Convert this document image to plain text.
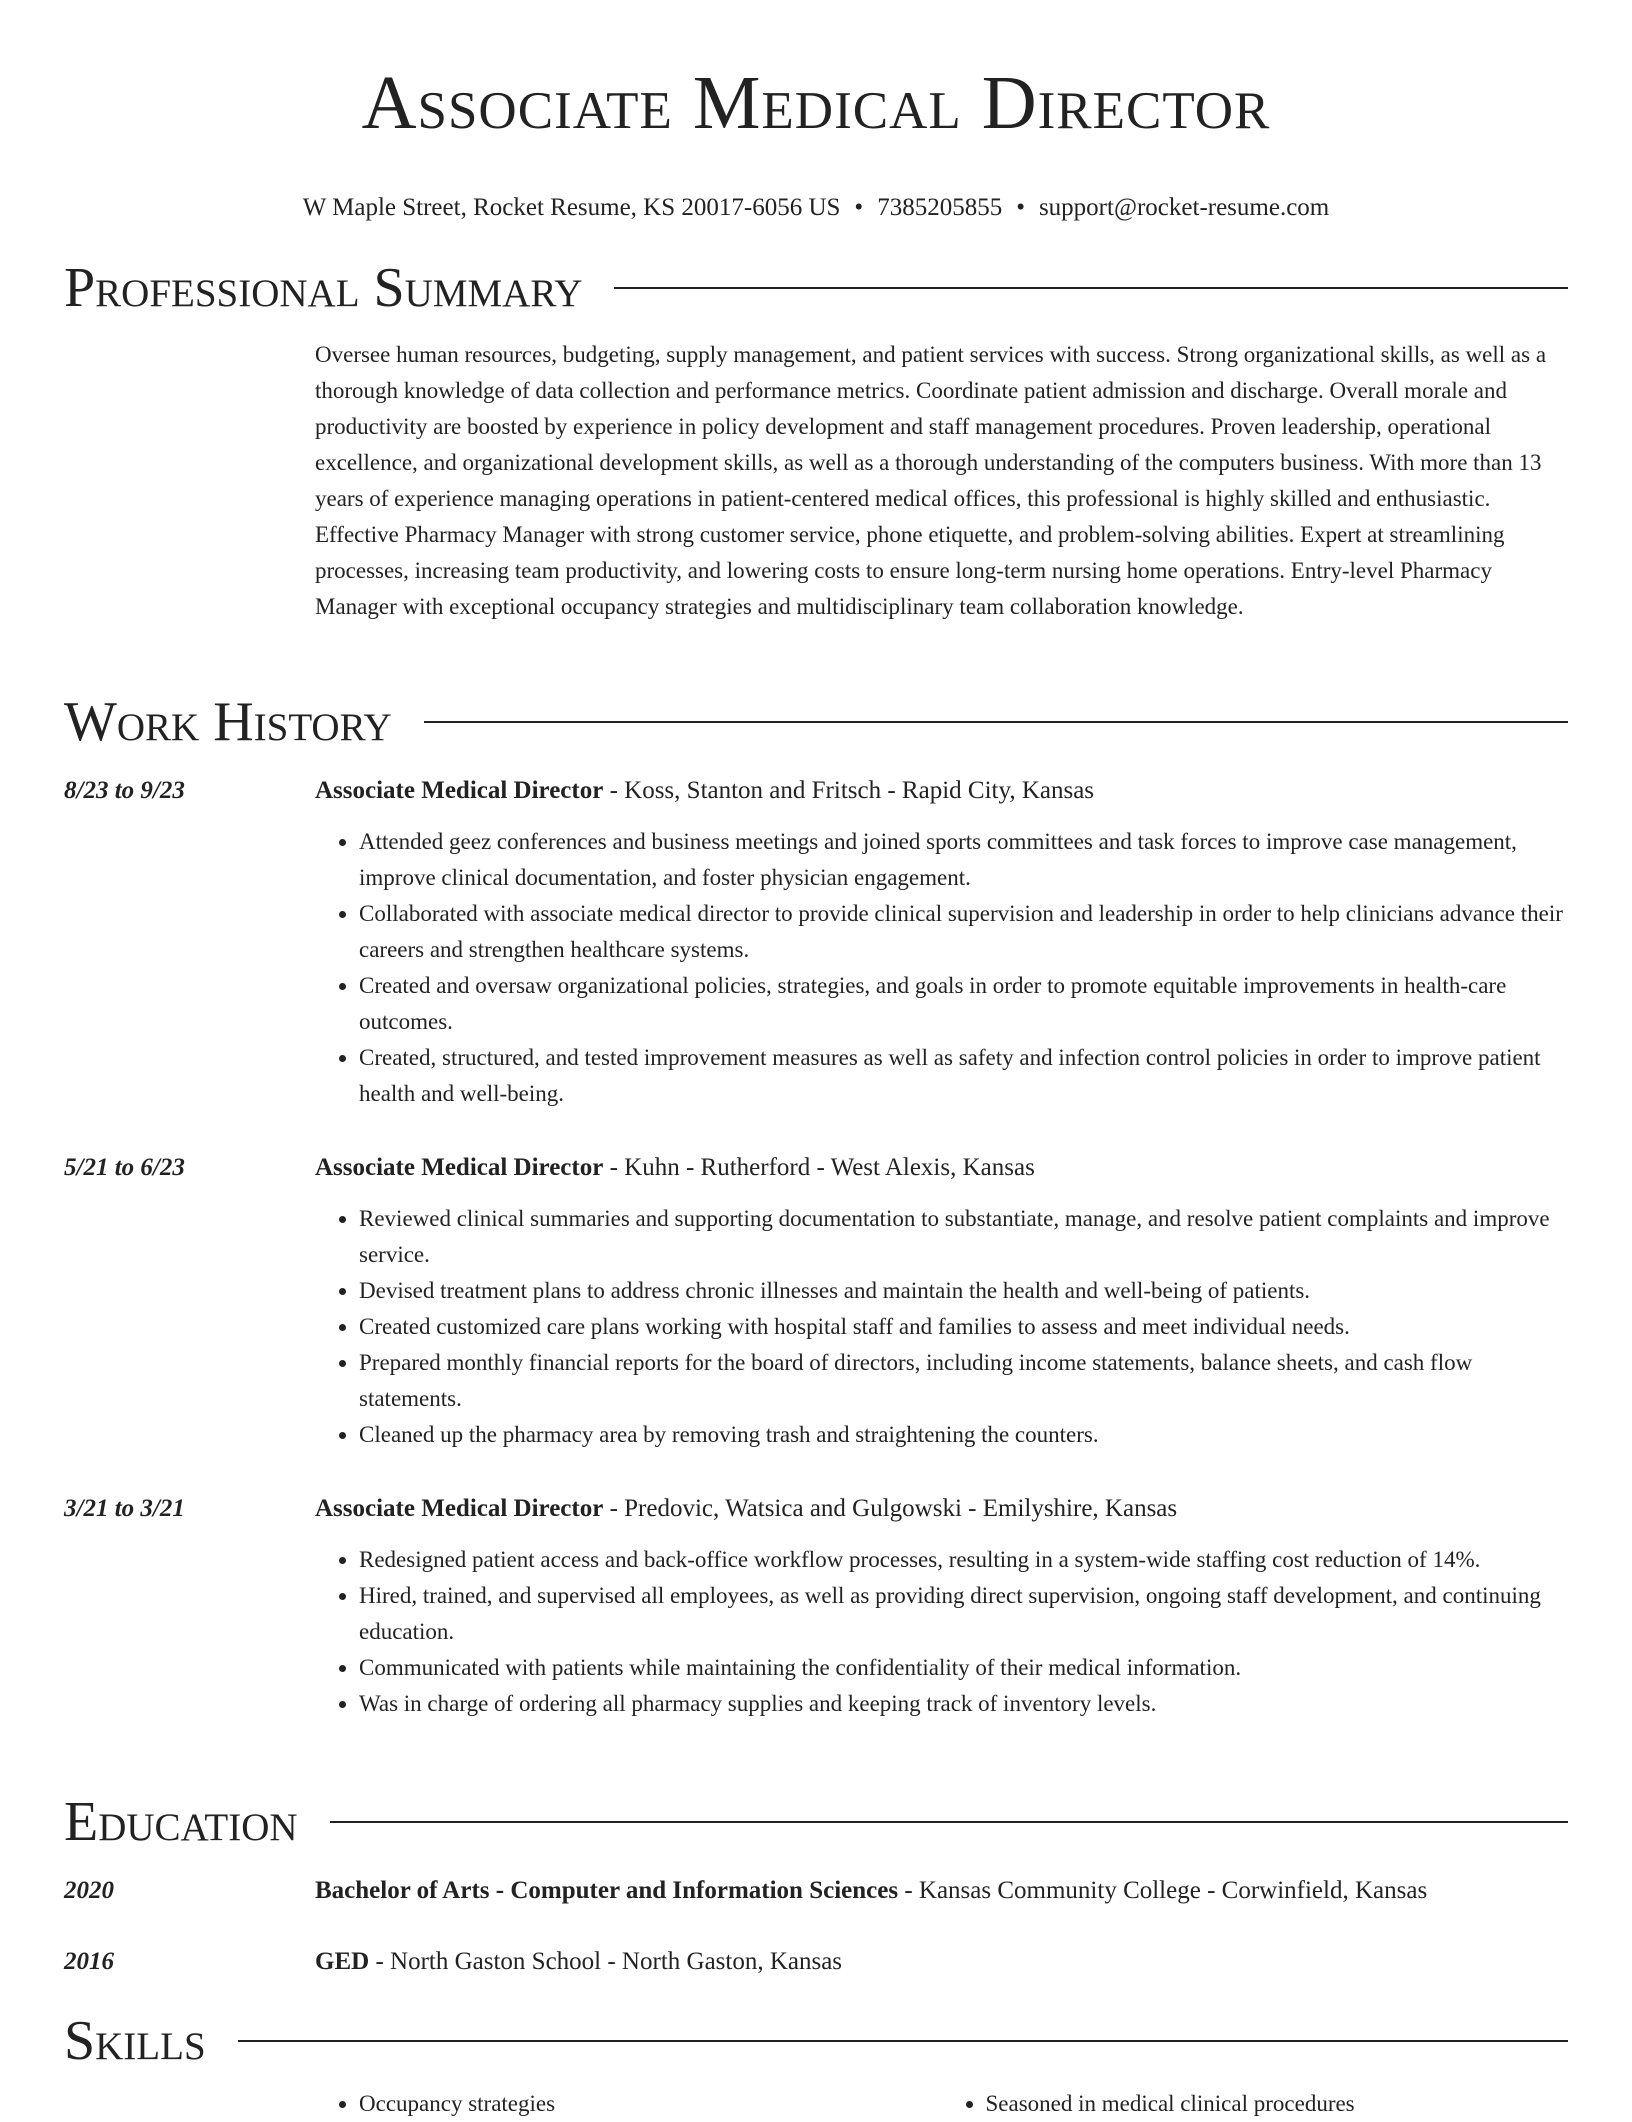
Associate Medical Director
W Maple Street, Rocket Resume, KS 20017-6056 US • 7385205855 • support@rocket-resume.com
Professional Summary
Oversee human resources, budgeting, supply management, and patient services with success. Strong organizational skills, as well as a thorough knowledge of data collection and performance metrics. Coordinate patient admission and discharge. Overall morale and productivity are boosted by experience in policy development and staff management procedures. Proven leadership, operational excellence, and organizational development skills, as well as a thorough understanding of the computers business. With more than 13 years of experience managing operations in patient-centered medical offices, this professional is highly skilled and enthusiastic. Effective Pharmacy Manager with strong customer service, phone etiquette, and problem-solving abilities. Expert at streamlining processes, increasing team productivity, and lowering costs to ensure long-term nursing home operations. Entry-level Pharmacy Manager with exceptional occupancy strategies and multidisciplinary team collaboration knowledge.
Work History
8/23 to 9/23	Associate Medical Director - Koss, Stanton and Fritsch - Rapid City, Kansas
• Attended geez conferences and business meetings and joined sports committees and task forces to improve case management, improve clinical documentation, and foster physician engagement.
• Collaborated with associate medical director to provide clinical supervision and leadership in order to help clinicians advance their careers and strengthen healthcare systems.
• Created and oversaw organizational policies, strategies, and goals in order to promote equitable improvements in health-care outcomes.
• Created, structured, and tested improvement measures as well as safety and infection control policies in order to improve patient health and well-being.
5/21 to 6/23	Associate Medical Director - Kuhn - Rutherford - West Alexis, Kansas
• Reviewed clinical summaries and supporting documentation to substantiate, manage, and resolve patient complaints and improve service.
• Devised treatment plans to address chronic illnesses and maintain the health and well-being of patients.
• Created customized care plans working with hospital staff and families to assess and meet individual needs.
• Prepared monthly financial reports for the board of directors, including income statements, balance sheets, and cash flow statements.
• Cleaned up the pharmacy area by removing trash and straightening the counters.
3/21 to 3/21	Associate Medical Director - Predovic, Watsica and Gulgowski - Emilyshire, Kansas
• Redesigned patient access and back-office workflow processes, resulting in a system-wide staffing cost reduction of 14%.
• Hired, trained, and supervised all employees, as well as providing direct supervision, ongoing staff development, and continuing education.
• Communicated with patients while maintaining the confidentiality of their medical information.
• Was in charge of ordering all pharmacy supplies and keeping track of inventory levels.
Education
2020	Bachelor of Arts - Computer and Information Sciences - Kansas Community College - Corwinfield, Kansas
2016	GED - North Gaston School - North Gaston, Kansas
Skills
• Occupancy strategies
•	Seasoned in medical clinical procedures
